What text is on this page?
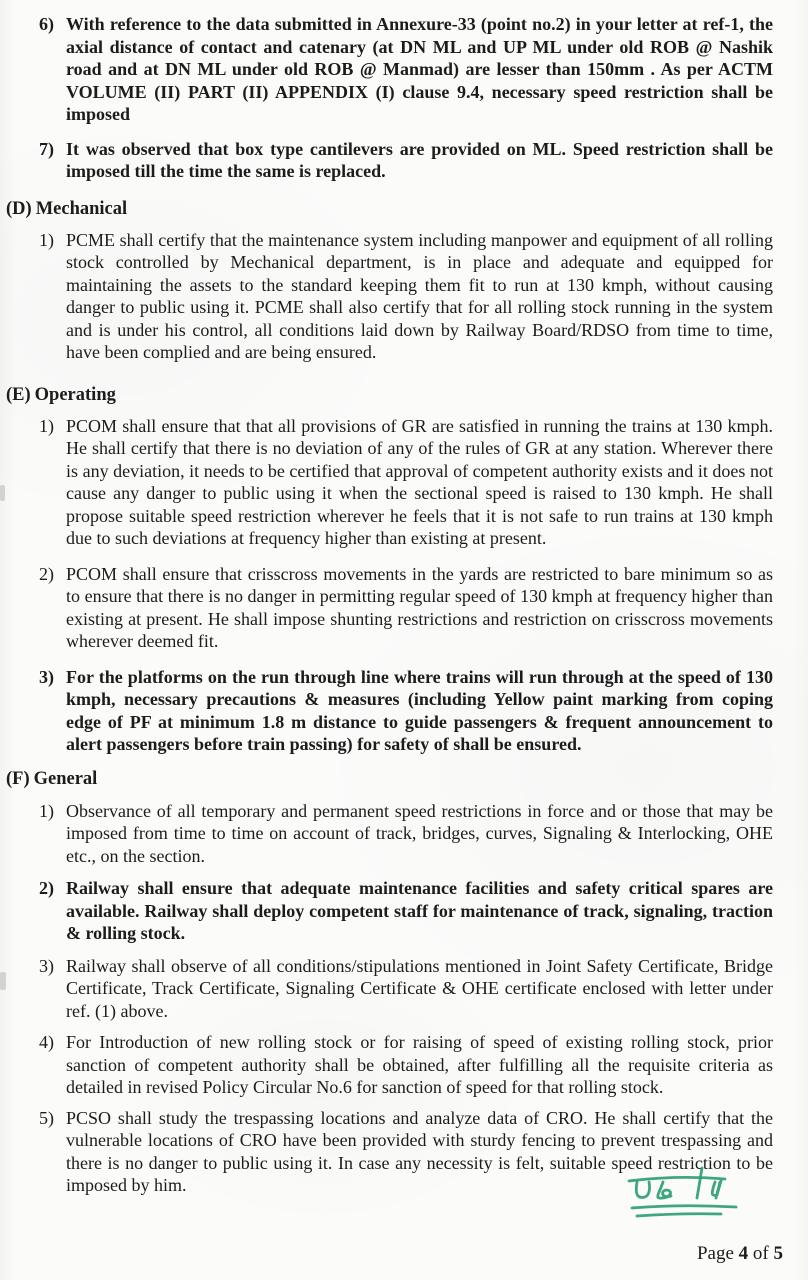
6) With reference to the data submitted in Annexure-33 (point no.2) in your letter at ref-1, the axial distance of contact and catenary (at DN ML and UP ML under old ROB @ Nashik road and at DN ML under old ROB @ Manmad) are lesser than 150mm . As per ACTM VOLUME (II) PART (II) APPENDIX (I) clause 9.4, necessary speed restriction shall be imposed
7) It was observed that box type cantilevers are provided on ML. Speed restriction shall be imposed till the time the same is replaced.
(D) Mechanical
1) PCME shall certify that the maintenance system including manpower and equipment of all rolling stock controlled by Mechanical department, is in place and adequate and equipped for maintaining the assets to the standard keeping them fit to run at 130 kmph, without causing danger to public using it. PCME shall also certify that for all rolling stock running in the system and is under his control, all conditions laid down by Railway Board/RDSO from time to time, have been complied and are being ensured.
(E) Operating
1) PCOM shall ensure that that all provisions of GR are satisfied in running the trains at 130 kmph. He shall certify that there is no deviation of any of the rules of GR at any station. Wherever there is any deviation, it needs to be certified that approval of competent authority exists and it does not cause any danger to public using it when the sectional speed is raised to 130 kmph. He shall propose suitable speed restriction wherever he feels that it is not safe to run trains at 130 kmph due to such deviations at frequency higher than existing at present.
2) PCOM shall ensure that crisscross movements in the yards are restricted to bare minimum so as to ensure that there is no danger in permitting regular speed of 130 kmph at frequency higher than existing at present. He shall impose shunting restrictions and restriction on crisscross movements wherever deemed fit.
3) For the platforms on the run through line where trains will run through at the speed of 130 kmph, necessary precautions & measures (including Yellow paint marking from coping edge of PF at minimum 1.8 m distance to guide passengers & frequent announcement to alert passengers before train passing) for safety of shall be ensured.
(F) General
1) Observance of all temporary and permanent speed restrictions in force and or those that may be imposed from time to time on account of track, bridges, curves, Signaling & Interlocking, OHE etc., on the section.
2) Railway shall ensure that adequate maintenance facilities and safety critical spares are available. Railway shall deploy competent staff for maintenance of track, signaling, traction & rolling stock.
3) Railway shall observe of all conditions/stipulations mentioned in Joint Safety Certificate, Bridge Certificate, Track Certificate, Signaling Certificate & OHE certificate enclosed with letter under ref. (1) above.
4) For Introduction of new rolling stock or for raising of speed of existing rolling stock, prior sanction of competent authority shall be obtained, after fulfilling all the requisite criteria as detailed in revised Policy Circular No.6 for sanction of speed for that rolling stock.
5) PCSO shall study the trespassing locations and analyze data of CRO. He shall certify that the vulnerable locations of CRO have been provided with sturdy fencing to prevent trespassing and there is no danger to public using it. In case any necessity is felt, suitable speed restriction to be imposed by him.
Page 4 of 5
